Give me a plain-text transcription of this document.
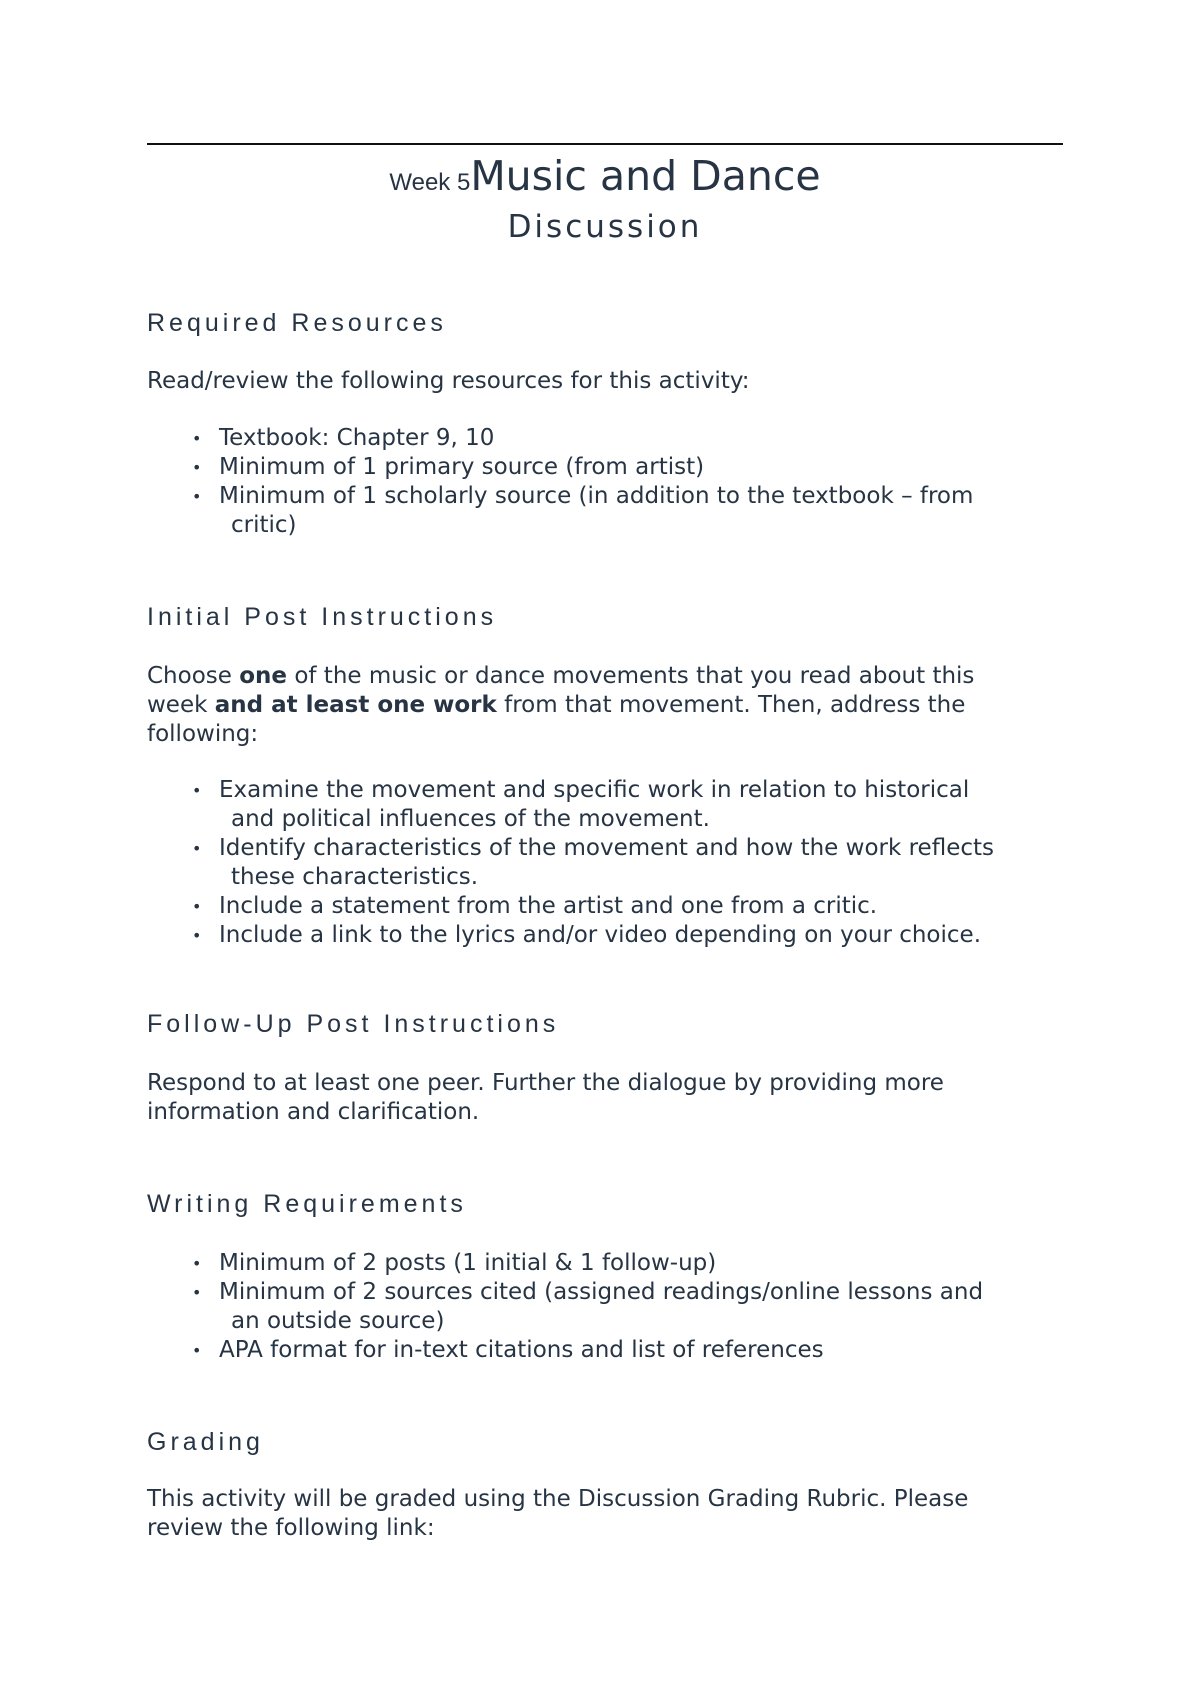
Week 5Music and Dance
Discussion
Required Resources

Read/review the following resources for this activity:

• Textbook: Chapter 9, 10
• Minimum of 1 primary source (from artist)
• Minimum of 1 scholarly source (in addition to the textbook – from
critic)
Initial Post Instructions

Choose one of the music or dance movements that you read about this
week and at least one work from that movement. Then, address the
following:

• Examine the movement and specific work in relation to historical
and political influences of the movement.
• Identify characteristics of the movement and how the work reflects
these characteristics.
• Include a statement from the artist and one from a critic.
• Include a link to the lyrics and/or video depending on your choice.
Follow-Up Post Instructions

Respond to at least one peer. Further the dialogue by providing more
information and clarification.

Writing Requirements
• Minimum of 2 posts (1 initial & 1 follow-up)
• Minimum of 2 sources cited (assigned readings/online lessons and
an outside source)
• APA format for in-text citations and list of references
Grading

This activity will be graded using the Discussion Grading Rubric. Please
review the following link:
